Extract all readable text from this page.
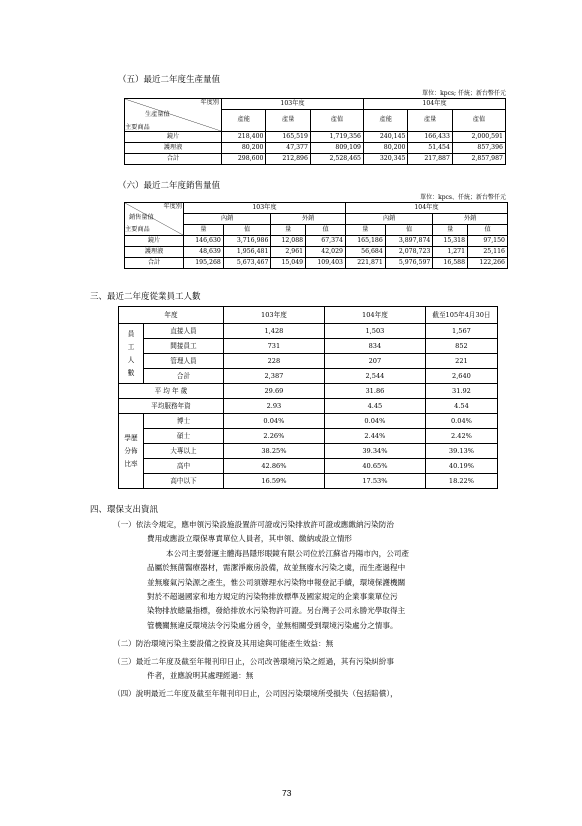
（五）最近二年度生產量值
單位：kpcs; 仟統；新台幣仟元
年度別
生產量值
主要商品	103年度			104年度		
	產能	產量	產值	產能	產量	產值

鏡片	218,400	165,519	1,719,356	240,145	166,433	2,000,591
護理液	80,200	47,377	809,109	80,200	51,454	857,396
合計	298,600	212,896	2,528,465	320,345	217,887	2,857,987
（六）最近二年度銷售量值
單位：kpcs、仟統；新台幣仟元
年度別
銷售量值
主要商品	103年度				104年度			
	內銷		外銷		內銷		外銷	
	量	值	量	值	量	值	量	值
鏡片	146,630	3,716,986	12,088	67,374	165,186	3,897,874	15,318	97,150
護理液	48,639	1,956,481	2,961	42,029	56,684	2,078,723	1,271	25,116
合計	195,268	5,673,467	15,049	109,403	221,871	5,976,597	16,588	122,266
三、最近二年度從業員工人數
年度		103年度	104年度	截至105年4月30日

員
工
人
數	直接人員	1,428	1,503	1,567
	間接員工	731	834	852
	管理人員	228	207	221
	合計	2,387	2,544	2,640
平 均 年 歲		29.69	31.86	31.92
平均服務年資		2.93	4.45	4.54

學歷
分佈
比率	博士	0.04%	0.04%	0.04%
	碩士	2.26%	2.44%	2.42%
	大專以上	38.25%	39.34%	39.13%
	高中	42.86%	40.65%	40.19%
	高中以下	16.59%	17.53%	18.22%
四、環保支出資訊
（一）依法令規定，應申領污染設施設置許可證或污染排放許可證或應繳納污染防治
費用或應設立環保專責單位人員者，其申領、繳納或設立情形
本公司主要營運主體海昌隱形眼鏡有限公司位於江蘇省丹陽市內，公司產
品屬於無菌醫療器材，需潔淨廠房設備，故並無廢水污染之虞，而生產過程中
並無廢氣污染源之產生，惟公司須辦理水污染物申報登記手續，環境保護機關
對於不超過國家和地方規定的污染物排放標準及國家規定的企業事業單位污
染物排放總量指標，發給排放水污染物許可證。另台灣子公司永勝光學取得主
管機關無違反環境法令污染處分函令，並無相關受到環境污染處分之情事。
（二）防治環境污染主要設備之投資及其用途與可能產生效益：無
（三）最近二年度及截至年報刊印日止，公司改善環境污染之經過，其有污染糾紛事
件者，並應說明其處理經過：無
（四）說明最近二年度及截至年報刊印日止，公司因污染環境所受損失（包括賠償），
73
